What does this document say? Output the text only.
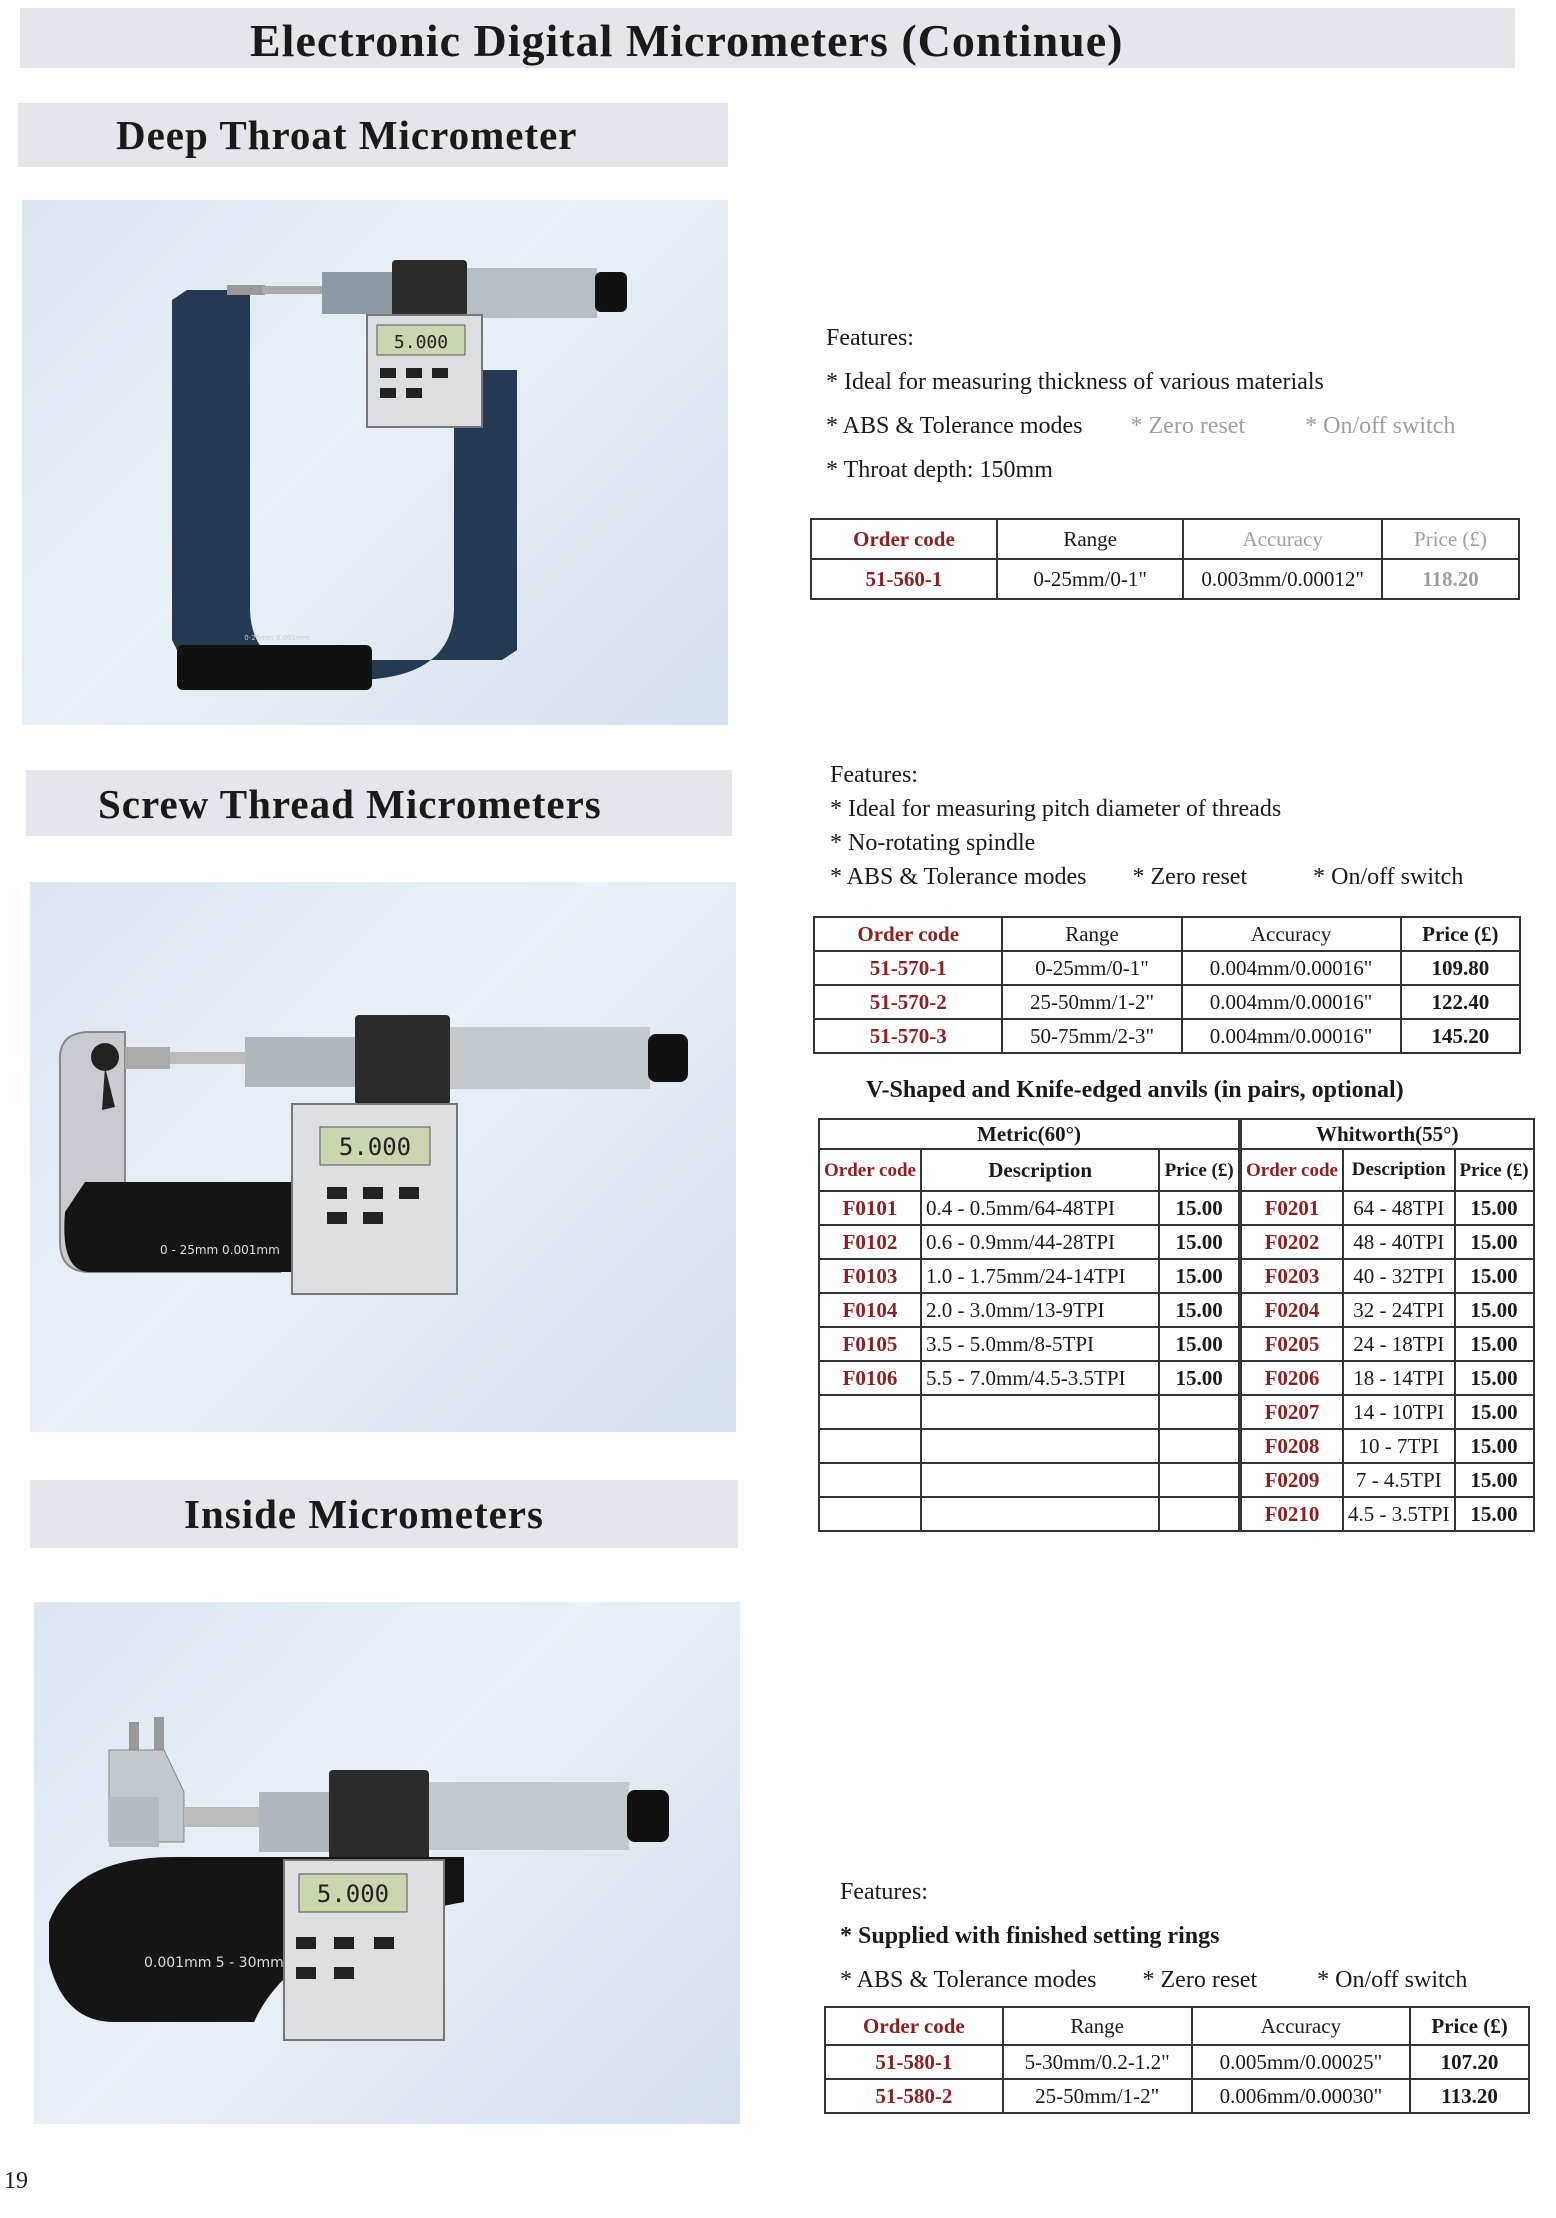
Electronic Digital Micrometers (Continue)
Deep Throat Micrometer
5.000
0-25mm 0.001mm
Features:
* Ideal for measuring thickness of various materials
* ABS & Tolerance modes * Zero reset	* On/off switch
* Throat depth: 150mm
Order code	Range	Accuracy	Price (£)
51-560-1	0-25mm/0-1"	0.003mm/0.00012"	118.20
Screw Thread Micrometers
0 - 25mm 0.001mm
5.000
Features:
* Ideal for measuring pitch diameter of threads
* No-rotating spindle
* ABS & Tolerance modes * Zero reset	* On/off switch
Order code	Range	Accuracy	Price (£)
51-570-1	0-25mm/0-1"	0.004mm/0.00016"	109.80
51-570-2	25-50mm/1-2"	0.004mm/0.00016"	122.40
51-570-3	50-75mm/2-3"	0.004mm/0.00016"	145.20
V-Shaped and Knife-edged anvils (in pairs, optional)
Metric(60°)		
Order code	Description	Price (£)
F0101	0.4 - 0.5mm/64-48TPI	15.00
F0102	0.6 - 0.9mm/44-28TPI	15.00
F0103	1.0 - 1.75mm/24-14TPI	15.00
F0104	2.0 - 3.0mm/13-9TPI	15.00
F0105	3.5 - 5.0mm/8-5TPI	15.00
F0106	5.5 - 7.0mm/4.5-3.5TPI	15.00

Whitworth(55°)		
Order code	Description	Price (£)
F0201	64 - 48TPI	15.00
F0202	48 - 40TPI	15.00
F0203	40 - 32TPI	15.00
F0204	32 - 24TPI	15.00
F0205	24 - 18TPI	15.00
F0206	18 - 14TPI	15.00
F0207	14 - 10TPI	15.00
F0208	10 - 7TPI	15.00
F0209	7 - 4.5TPI	15.00
F0210	4.5 - 3.5TPI	15.00
Inside Micrometers
0.001mm 5 - 30mm
5.000	Features:
* Supplied with finished setting rings
* ABS & Tolerance modes * Zero reset	* On/off switch
Order code	Range	Accuracy	Price (£)
51-580-1	5-30mm/0.2-1.2"	0.005mm/0.00025"	107.20
51-580-2	25-50mm/1-2"	0.006mm/0.00030"	113.20
19
